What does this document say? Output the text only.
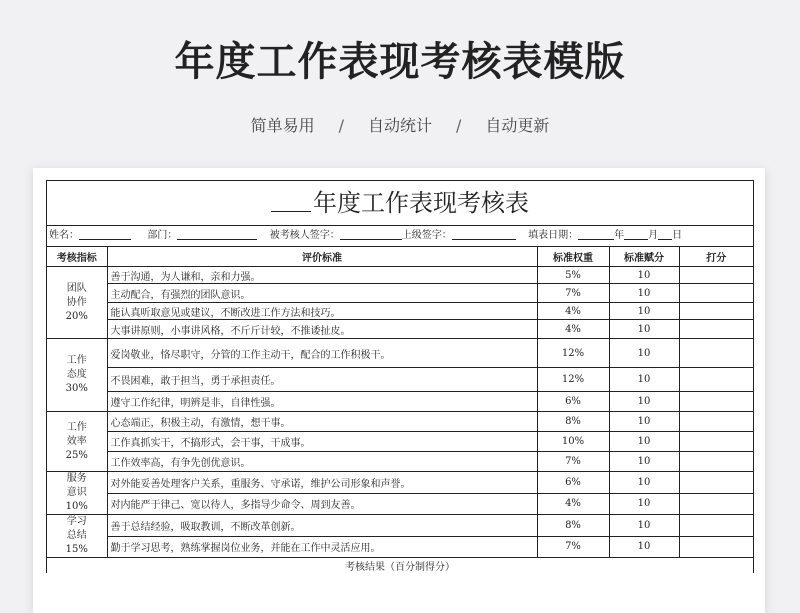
年度工作表现考核表模版
简单易用 / 自动统计 / 自动更新
年度工作表现考核表
姓名：	部门：	被考核人签字：	上级签字：	填表日期：	年 月 日
考核指标	评价标准	标准权重	标准赋分	打分

团队
协作
20%	善于沟通，为人谦和，亲和力强。	5%	10	
	主动配合，有强烈的团队意识。	7%	10	
	能认真听取意见或建议，不断改进工作方法和技巧。	4%	10	
	大事讲原则，小事讲风格，不斤斤计较，不推诿扯皮。	4%	10	

工作
态度
30%	爱岗敬业，恪尽职守，分管的工作主动干，配合的工作积极干。	12%	10	
	不畏困难，敢于担当，勇于承担责任。	12%	10	
	遵守工作纪律，明辨是非，自律性强。	6%	10	

工作
效率
25%	心态端正，积极主动，有激情，想干事。	8%	10	
	工作真抓实干，不搞形式，会干事，干成事。	10%	10	
	工作效率高，有争先创优意识。	7%	10	

服务
意识
10%	对外能妥善处理客户关系，重服务、守承诺，维护公司形象和声誉。	6%	10	
	对内能严于律己、宽以待人，多指导少命令、周到友善。	4%	10	

学习
总结
15%	善于总结经验，吸取教训，不断改革创新。	8%	10	
	勤于学习思考，熟练掌握岗位业务，并能在工作中灵活应用。	7%	10	
考核结果（百分制得分）				
